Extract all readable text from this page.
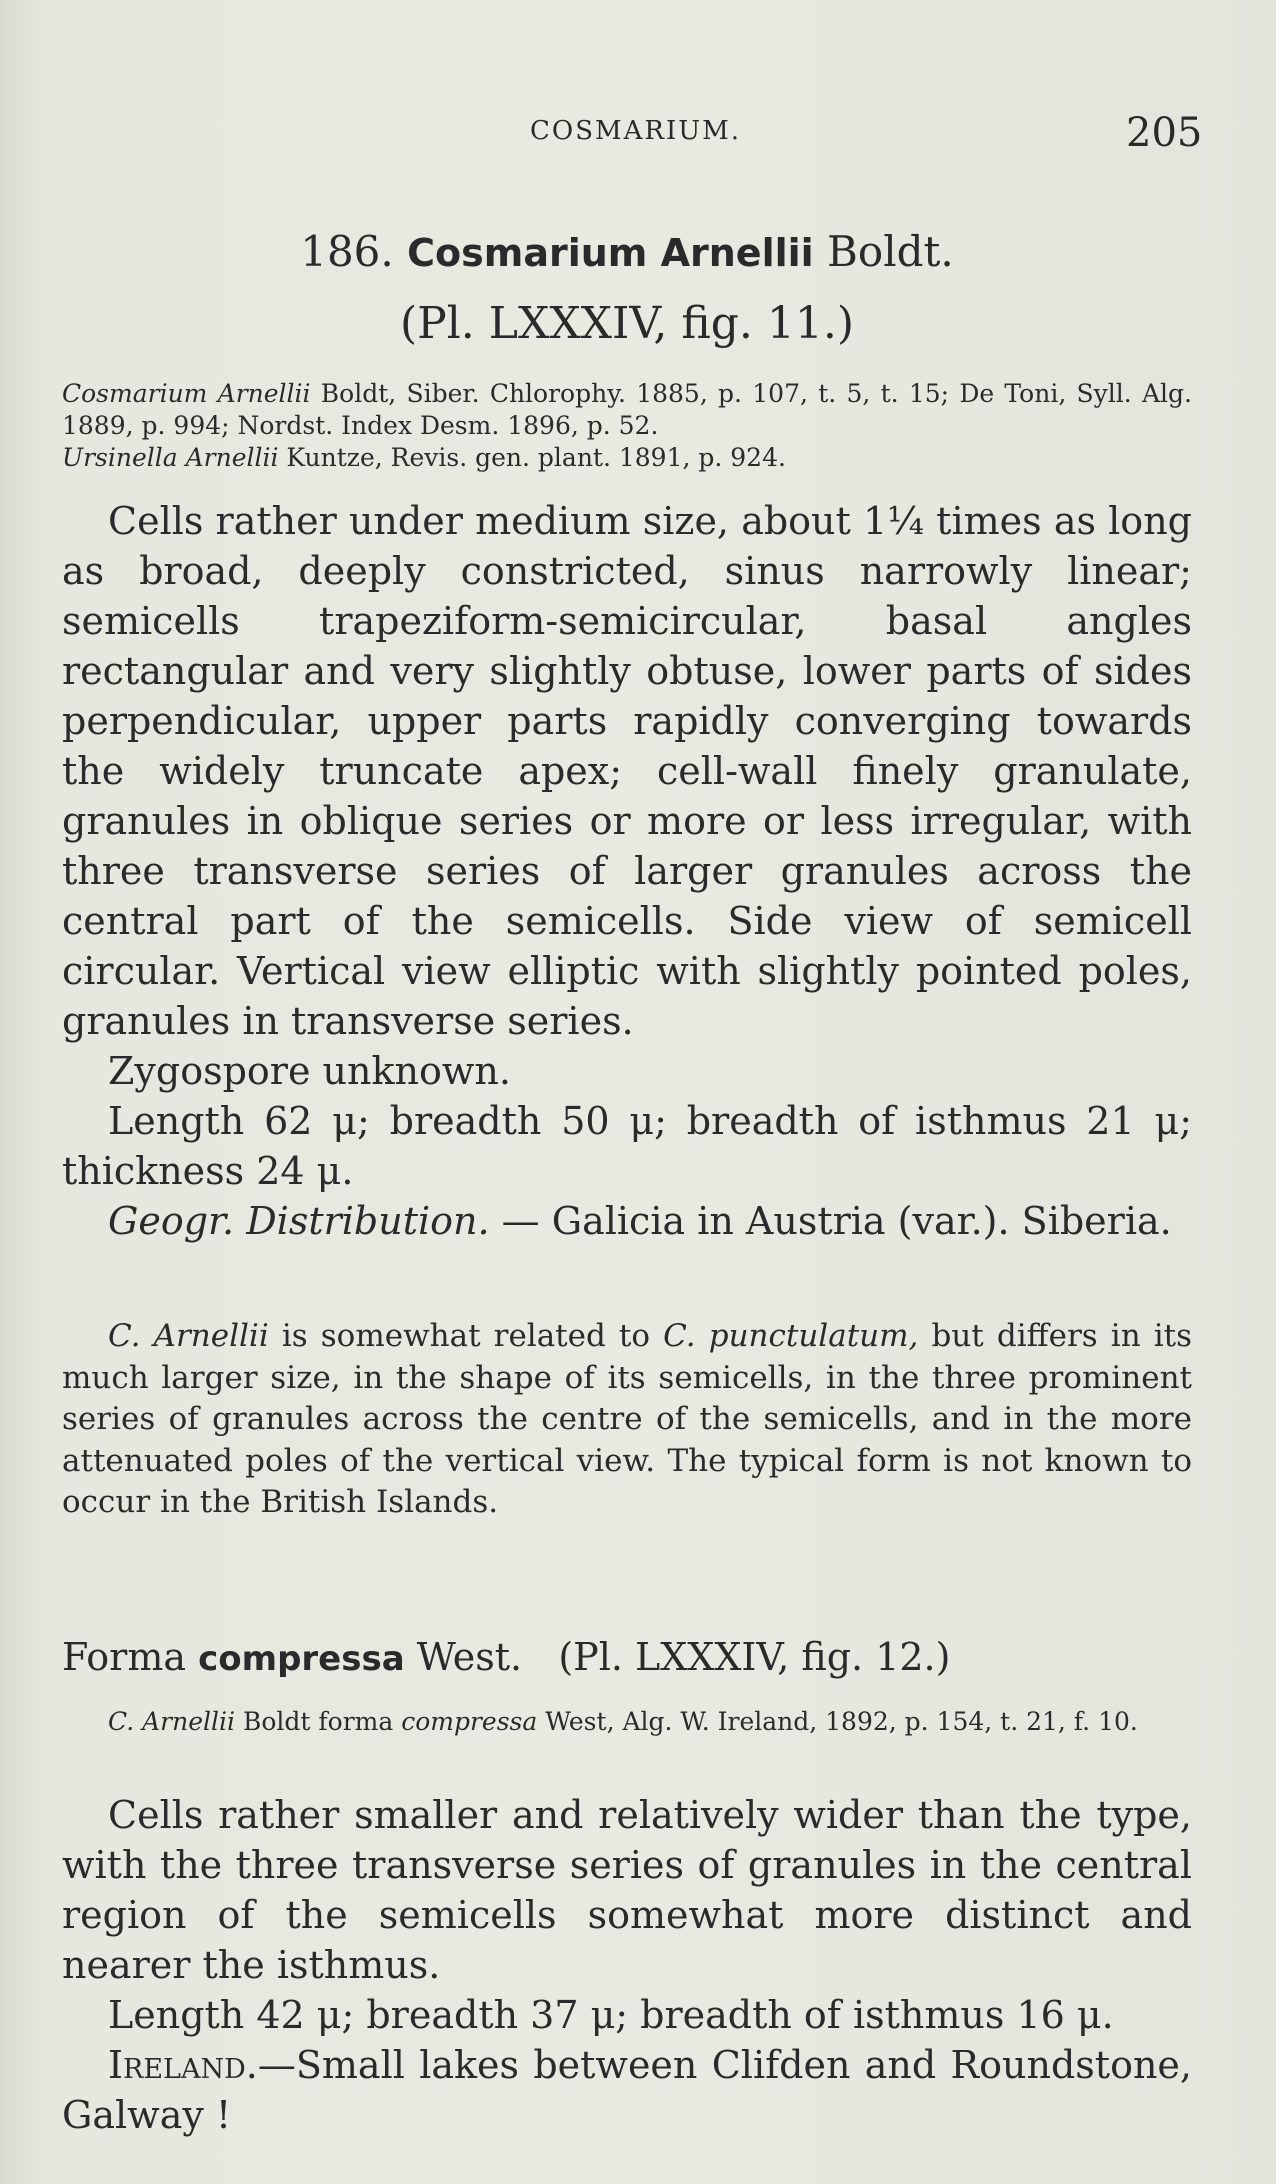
COSMARIUM.	205
186. Cosmarium Arnellii Boldt.
(Pl. LXXXIV, fig. 11.)

Cosmarium Arnellii Boldt, Siber. Chlorophy. 1885, p. 107, t. 5, t. 15; De Toni, Syll. Alg. 1889, p. 994; Nordst. Index Desm. 1896, p. 52.

Ursinella Arnellii Kuntze, Revis. gen. plant. 1891, p. 924.

Cells rather under medium size, about 1¼ times as long as broad, deeply constricted, sinus narrowly linear; semicells trapeziform-semicircular, basal angles rectangular and very slightly obtuse, lower parts of sides perpendicular, upper parts rapidly converging towards the widely truncate apex; cell-wall finely granulate, granules in oblique series or more or less irregular, with three transverse series of larger granules across the central part of the semicells. Side view of semicell circular. Vertical view elliptic with slightly pointed poles, granules in transverse series.

Zygospore unknown.

Length 62 μ; breadth 50 μ; breadth of isthmus 21 μ; thickness 24 μ.

Geogr. Distribution. — Galicia in Austria (var.). Siberia.

C. Arnellii is somewhat related to C. punctulatum, but differs in its much larger size, in the shape of its semicells, in the three prominent series of granules across the centre of the semicells, and in the more attenuated poles of the vertical view. The typical form is not known to occur in the British Islands.

Forma compressa West. (Pl. LXXXIV, fig. 12.)

C. Arnellii Boldt forma compressa West, Alg. W. Ireland, 1892, p. 154, t. 21, f. 10.

Cells rather smaller and relatively wider than the type, with the three transverse series of granules in the central region of the semicells somewhat more distinct and nearer the isthmus.

Length 42 μ; breadth 37 μ; breadth of isthmus 16 μ.

Ireland.—Small lakes between Clifden and Roundstone, Galway !
